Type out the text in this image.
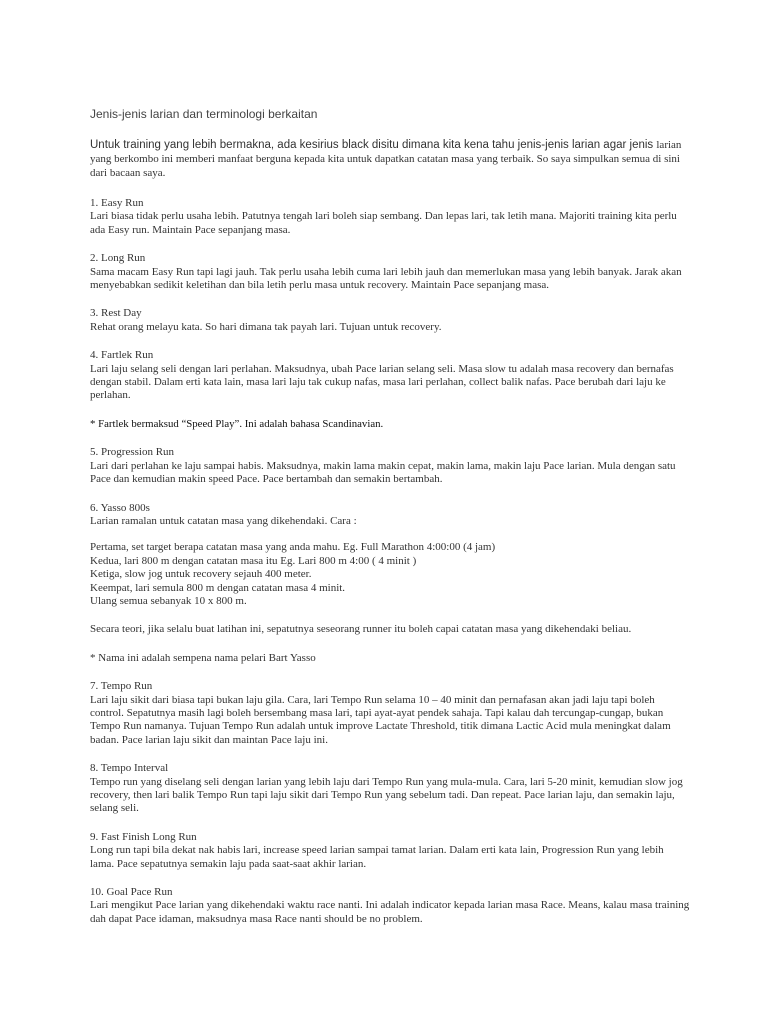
Jenis-jenis larian dan terminologi berkaitan

Untuk training yang lebih bermakna, ada kesirius black disitu dimana kita kena tahu jenis-jenis larian agar jenis larian yang berkombo ini memberi manfaat berguna kepada kita untuk dapatkan catatan masa yang terbaik. So saya simpulkan semua di sini dari bacaan saya.

1. Easy Run

Lari biasa tidak perlu usaha lebih. Patutnya tengah lari boleh siap sembang. Dan lepas lari, tak letih mana. Majoriti training kita perlu ada Easy run. Maintain Pace sepanjang masa.

2. Long Run

Sama macam Easy Run tapi lagi jauh. Tak perlu usaha lebih cuma lari lebih jauh dan memerlukan masa yang lebih banyak. Jarak akan menyebabkan sedikit keletihan dan bila letih perlu masa untuk recovery. Maintain Pace sepanjang masa.

3. Rest Day

Rehat orang melayu kata. So hari dimana tak payah lari. Tujuan untuk recovery.

4. Fartlek Run

Lari laju selang seli dengan lari perlahan. Maksudnya, ubah Pace larian selang seli. Masa slow tu adalah masa recovery dan bernafas dengan stabil. Dalam erti kata lain, masa lari laju tak cukup nafas, masa lari perlahan, collect balik nafas. Pace berubah dari laju ke perlahan.

* Fartlek bermaksud “Speed Play”. Ini adalah bahasa Scandinavian.

5. Progression Run

Lari dari perlahan ke laju sampai habis. Maksudnya, makin lama makin cepat, makin lama, makin laju Pace larian. Mula dengan satu Pace dan kemudian makin speed Pace. Pace bertambah dan semakin bertambah.

6. Yasso 800s

Larian ramalan untuk catatan masa yang dikehendaki. Cara :

Pertama, set target berapa catatan masa yang anda mahu. Eg. Full Marathon 4:00:00 (4 jam)

Kedua, lari 800 m dengan catatan masa itu Eg. Lari 800 m 4:00 ( 4 minit )

Ketiga, slow jog untuk recovery sejauh 400 meter.

Keempat, lari semula 800 m dengan catatan masa 4 minit.

Ulang semua sebanyak 10 x 800 m.

Secara teori, jika selalu buat latihan ini, sepatutnya seseorang runner itu boleh capai catatan masa yang dikehendaki beliau.
* Nama ini adalah sempena nama pelari Bart Yasso

7. Tempo Run

Lari laju sikit dari biasa tapi bukan laju gila. Cara, lari Tempo Run selama 10 – 40 minit dan pernafasan akan jadi laju tapi boleh control. Sepatutnya masih lagi boleh bersembang masa lari, tapi ayat-ayat pendek sahaja. Tapi kalau dah tercungap-cungap, bukan Tempo Run namanya. Tujuan Tempo Run adalah untuk improve Lactate Threshold, titik dimana Lactic Acid mula meningkat dalam badan. Pace larian laju sikit dan maintan Pace laju ini.

8. Tempo Interval

Tempo run yang diselang seli dengan larian yang lebih laju dari Tempo Run yang mula-mula. Cara, lari 5-20 minit, kemudian slow jog recovery, then lari balik Tempo Run tapi laju sikit dari Tempo Run yang sebelum tadi. Dan repeat. Pace larian laju, dan semakin laju, selang seli.

9. Fast Finish Long Run

Long run tapi bila dekat nak habis lari, increase speed larian sampai tamat larian. Dalam erti kata lain, Progression Run yang lebih lama. Pace sepatutnya semakin laju pada saat-saat akhir larian.

10. Goal Pace Run

Lari mengikut Pace larian yang dikehendaki waktu race nanti. Ini adalah indicator kepada larian masa Race. Means, kalau masa training dah dapat Pace idaman, maksudnya masa Race nanti should be no problem.
